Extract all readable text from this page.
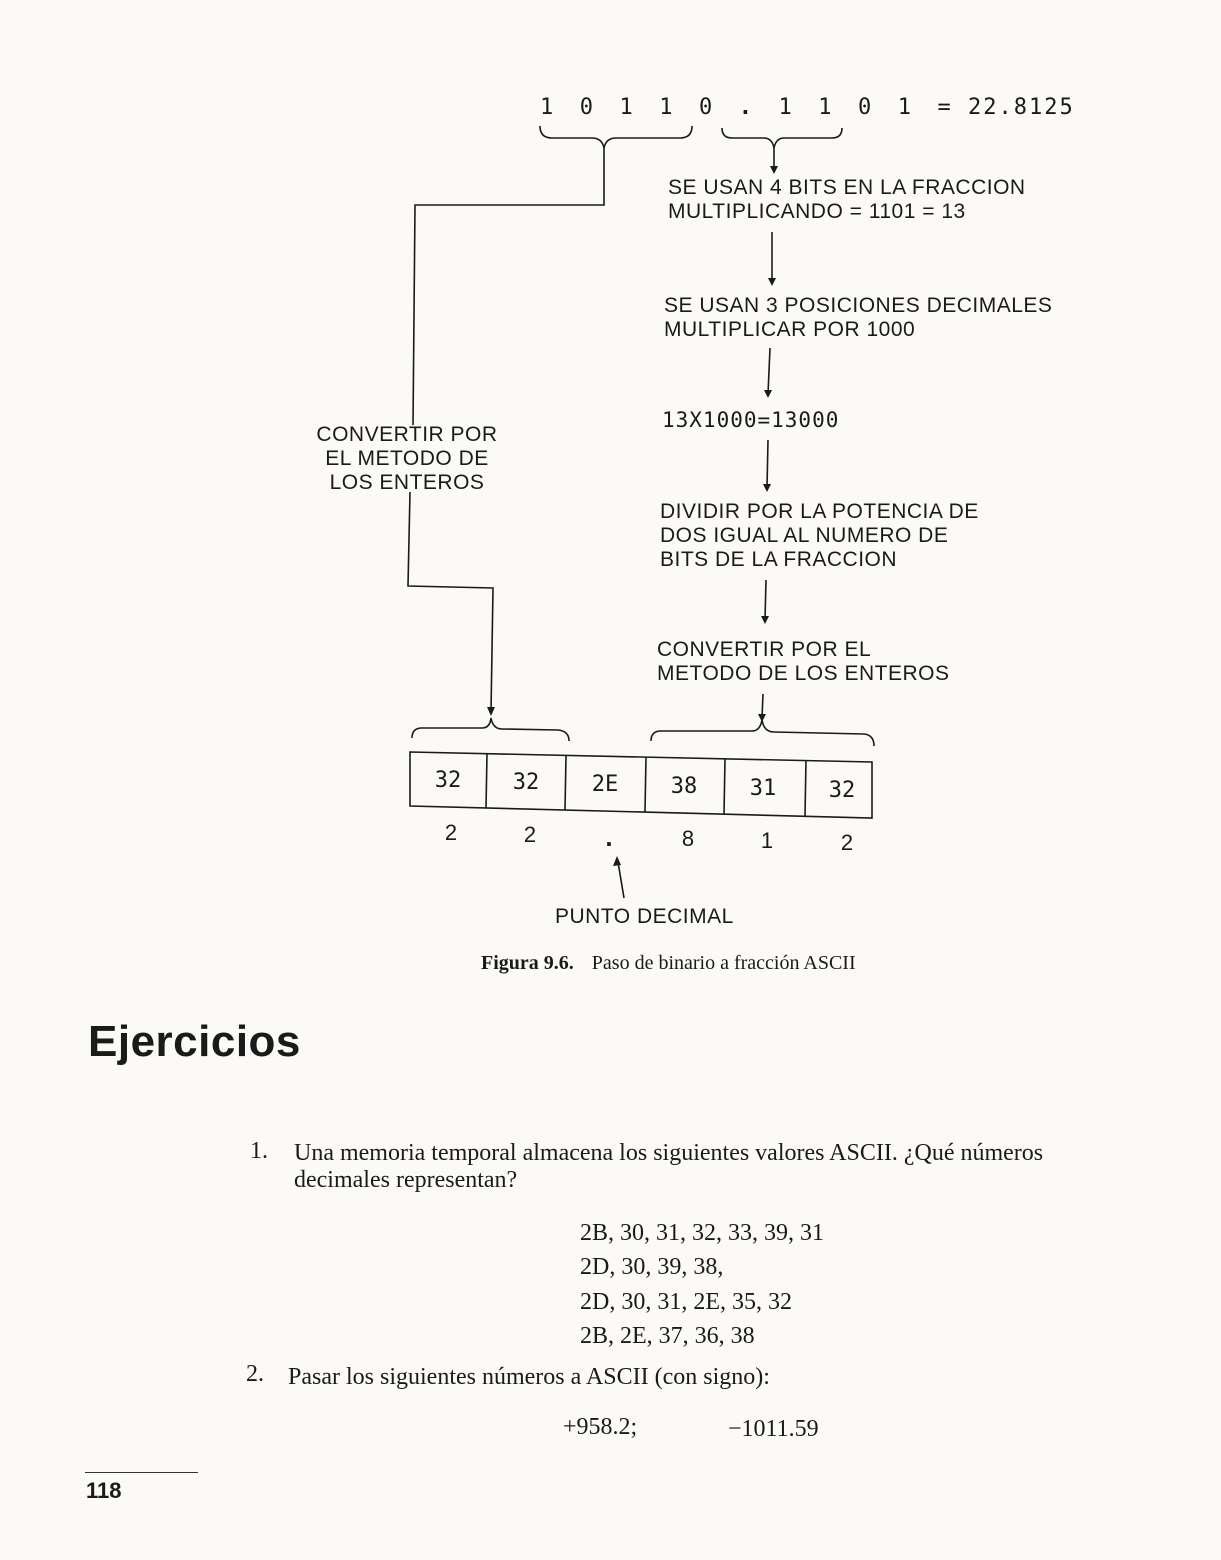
1 0 1 1 0 . 1 1 0 1 = 22.8125
SE USAN 4 BITS EN LA FRACCION
MULTIPLICANDO = 1101 = 13
SE USAN 3 POSICIONES DECIMALES
MULTIPLICAR POR 1000
13X1000=13000
DIVIDIR POR LA POTENCIA DE
DOS IGUAL AL NUMERO DE
BITS DE LA FRACCION
CONVERTIR POR EL
METODO DE LOS ENTEROS
CONVERTIR POR
EL METODO DE
LOS ENTEROS
32	32	2E	38	31	32
2	2	.	8	1	2
PUNTO DECIMAL
Figura 9.6. Paso de binario a fracción ASCII
Ejercicios
1.	Una memoria temporal almacena los siguientes valores ASCII. ¿Qué números
decimales representan?
2B, 30, 31, 32, 33, 39, 31
2D, 30, 39, 38,
2D, 30, 31, 2E, 35, 32
2B, 2E, 37, 36, 38
2.	Pasar los siguientes números a ASCII (con signo):
+958.2;	−1011.59
118
